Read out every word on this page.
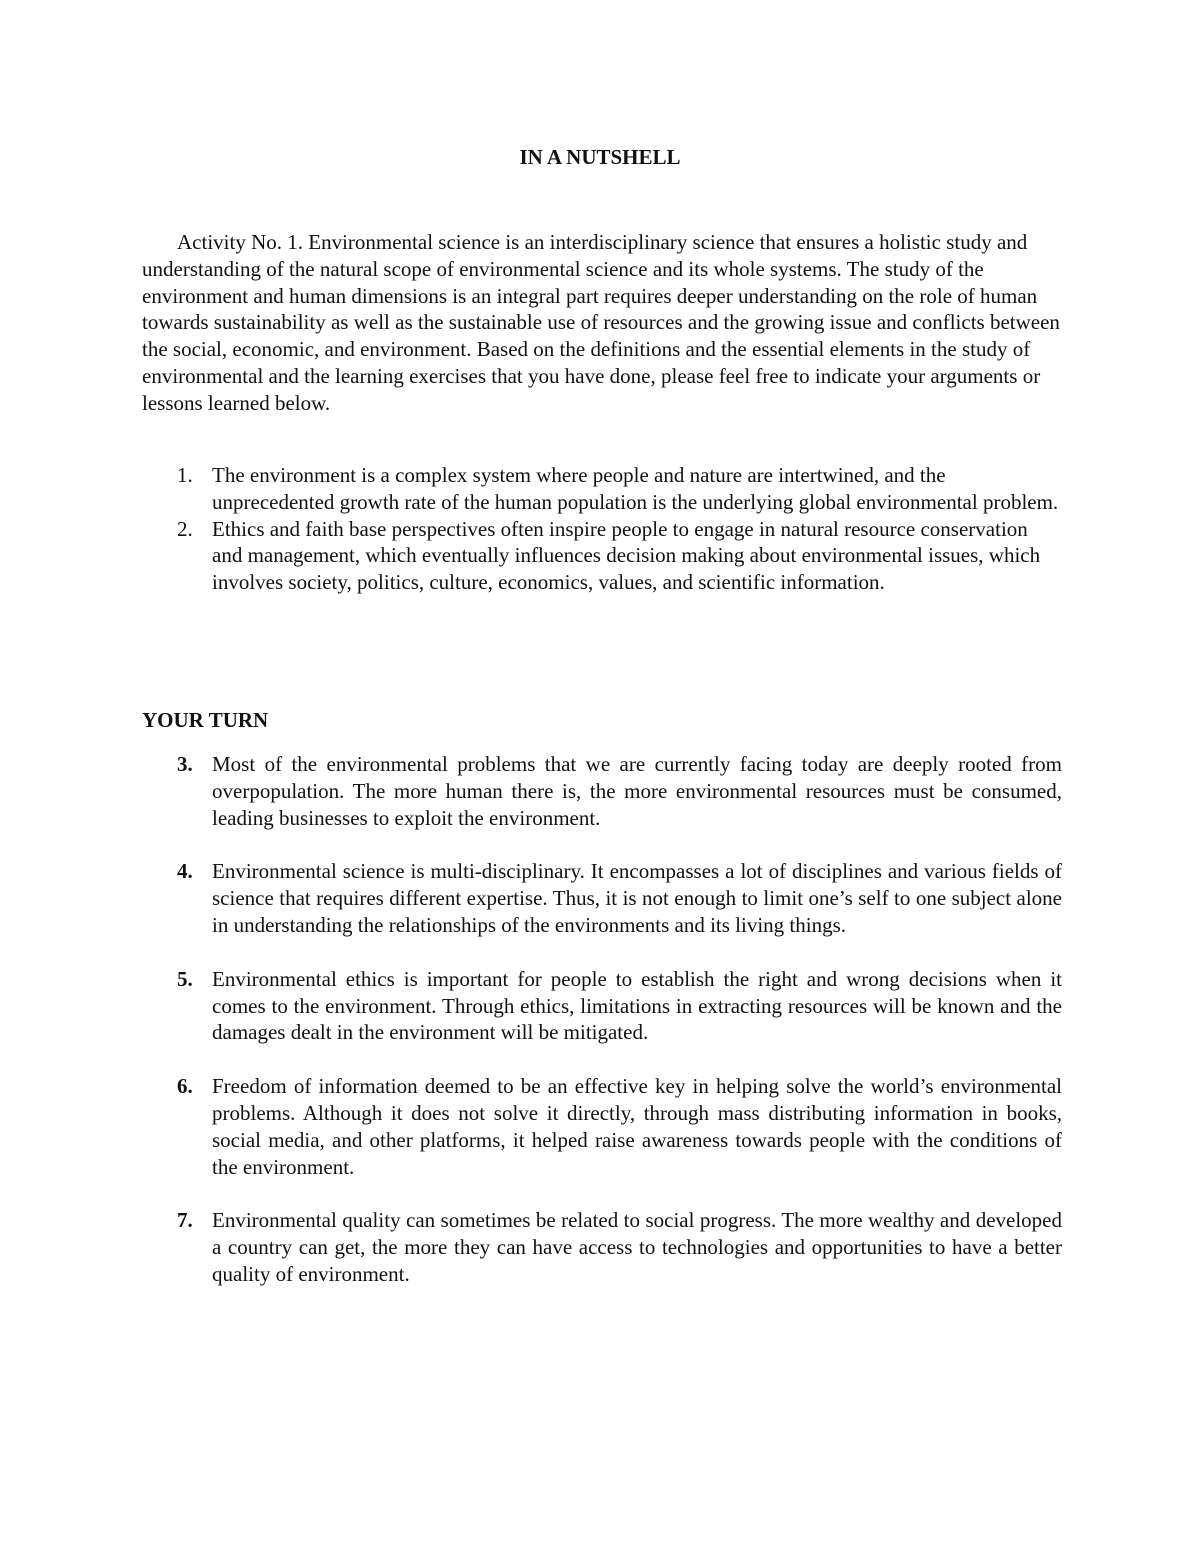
IN A NUTSHELL

Activity No. 1. Environmental science is an interdisciplinary science that ensures a holistic study and understanding of the natural scope of environmental science and its whole systems. The study of the environment and human dimensions is an integral part requires deeper understanding on the role of human towards sustainability as well as the sustainable use of resources and the growing issue and conflicts between the social, economic, and environment. Based on the definitions and the essential elements in the study of environmental and the learning exercises that you have done, please feel free to indicate your arguments or lessons learned below.

1. The environment is a complex system where people and nature are intertwined, and the unprecedented growth rate of the human population is the underlying global environmental problem.
2. Ethics and faith base perspectives often inspire people to engage in natural resource conservation and management, which eventually influences decision making about environmental issues, which involves society, politics, culture, economics, values, and scientific information.
YOUR TURN
3. Most of the environmental problems that we are currently facing today are deeply rooted from overpopulation. The more human there is, the more environmental resources must be consumed, leading businesses to exploit the environment.
4. Environmental science is multi-disciplinary. It encompasses a lot of disciplines and various fields of science that requires different expertise. Thus, it is not enough to limit one’s self to one subject alone in understanding the relationships of the environments and its living things.
5. Environmental ethics is important for people to establish the right and wrong decisions when it comes to the environment. Through ethics, limitations in extracting resources will be known and the damages dealt in the environment will be mitigated.
6. Freedom of information deemed to be an effective key in helping solve the world’s environmental problems. Although it does not solve it directly, through mass distributing information in books, social media, and other platforms, it helped raise awareness towards people with the conditions of the environment.
7. Environmental quality can sometimes be related to social progress. The more wealthy and developed a country can get, the more they can have access to technologies and opportunities to have a better quality of environment.
